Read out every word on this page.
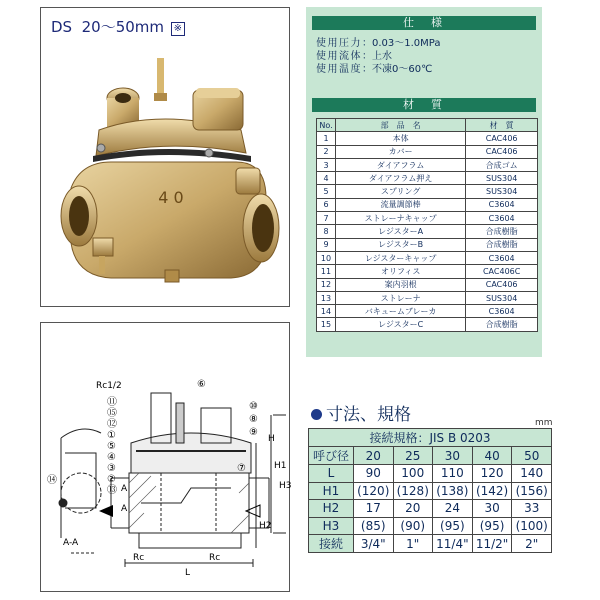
DS 20～50mm ※
4 0
仕　様
使用圧力：0.03～1.0MPa
使用流体：上水
使用温度：不凍0～60℃
材　質
No.	部　品　名	材　質
1	本体	CAC406
2	カバー	CAC406
3	ダイアフラム	合成ゴム
4	ダイアフラム押え	SUS304
5	スプリング	SUS304
6	流量調節棒	C3604
7	ストレーナキャップ	C3604
8	レジスターA	合成樹脂
9	レジスターB	合成樹脂
10	レジスターキャップ	C3604
11	オリフィス	CAC406C
12	案内羽根	CAC406
13	ストレーナ	SUS304
14	バキュームブレーカ	C3604
15	レジスターC	合成樹脂
A-A
Rc1/2
A
A
Rc	Rc
L
H
H1
H2
H3
⑪
⑮
⑫
①
⑤
④
③
②
⑬
⑥
⑩
⑧
⑨
⑦
⑭
寸法、規格	mm
接続規格：JIS B 0203					
呼び径	20	25	30	40	50
L	90	100	110	120	140
H1	(120)	(128)	(138)	(142)	(156)
H2	17	20	24	30	33
H3	(85)	(90)	(95)	(95)	(100)
接続	3/4"	1"	11/4"	11/2"	2"
